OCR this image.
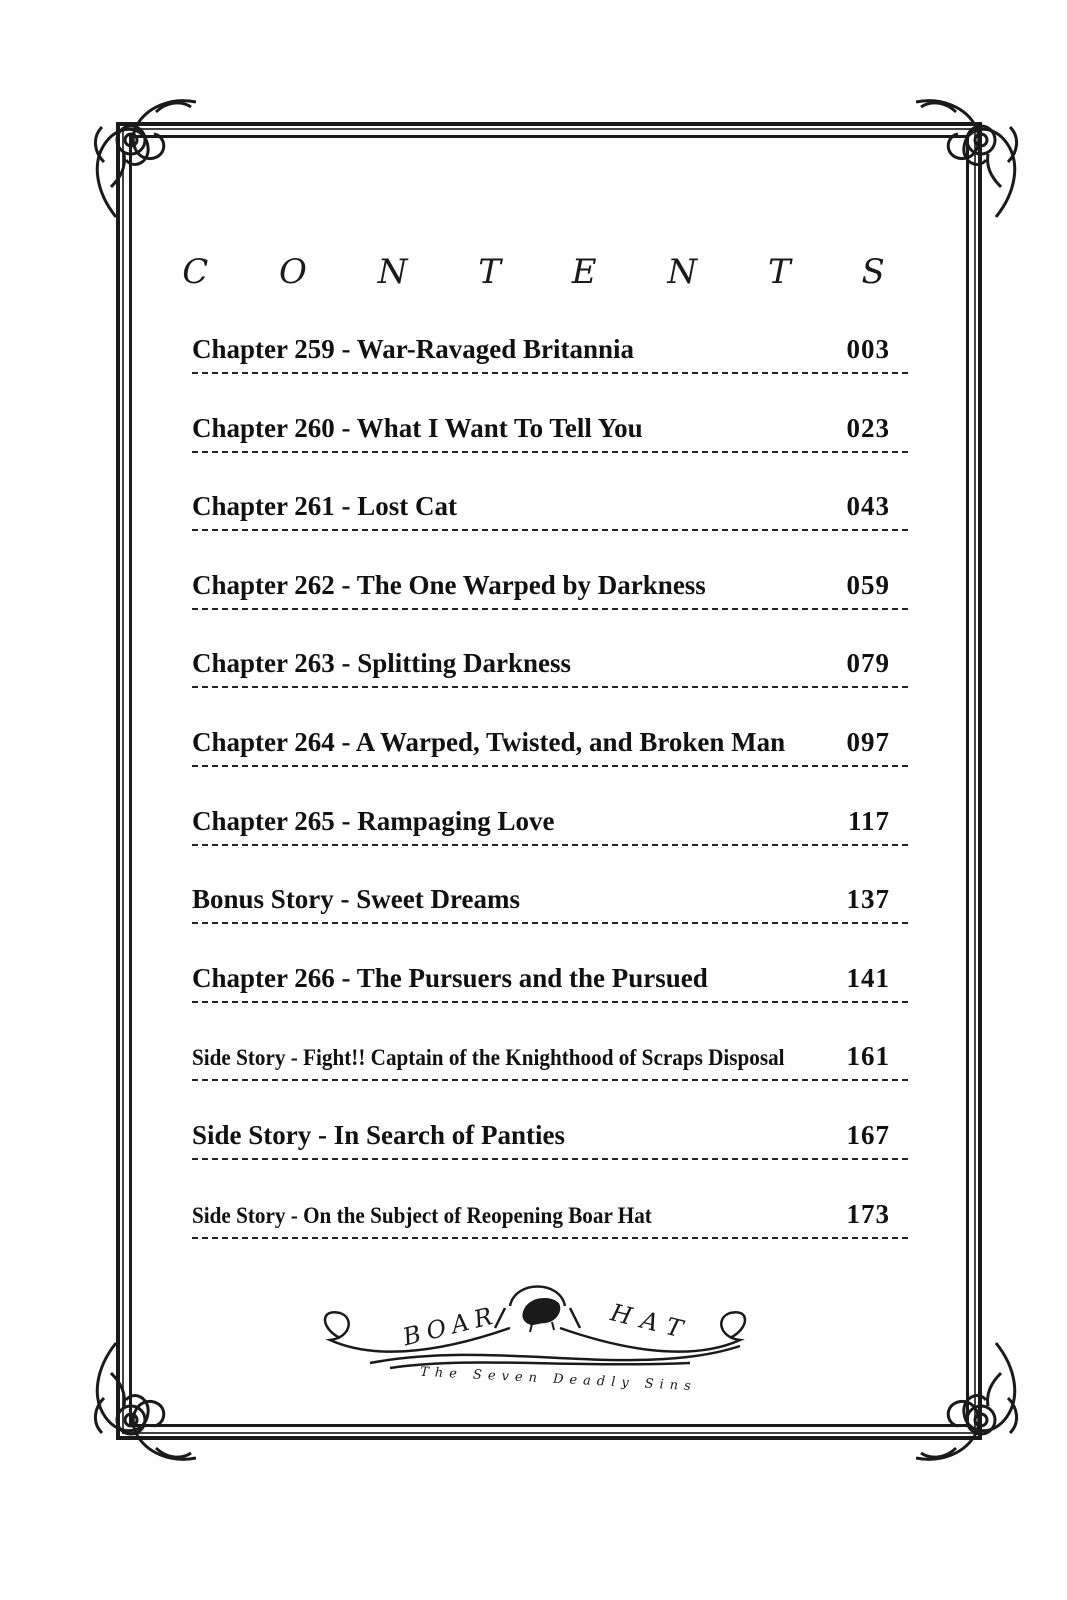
C O N T E N T S
Chapter 259 - War-Ravaged Britannia	003
Chapter 260 - What I Want To Tell You	023
Chapter 261 - Lost Cat	043
Chapter 262 - The One Warped by Darkness	059
Chapter 263 - Splitting Darkness	079
Chapter 264 - A Warped, Twisted, and Broken Man 097
Chapter 265 - Rampaging Love	117
Bonus Story - Sweet Dreams	137
Chapter 266 - The Pursuers and the Pursued	141
Side Story - Fight!! Captain of the Knighthood of Scraps Disposal 161
Side Story - In Search of Panties	167
Side Story - On the Subject of Reopening Boar Hat	173
BOAR	HAT
The Seven Deadly Sins
